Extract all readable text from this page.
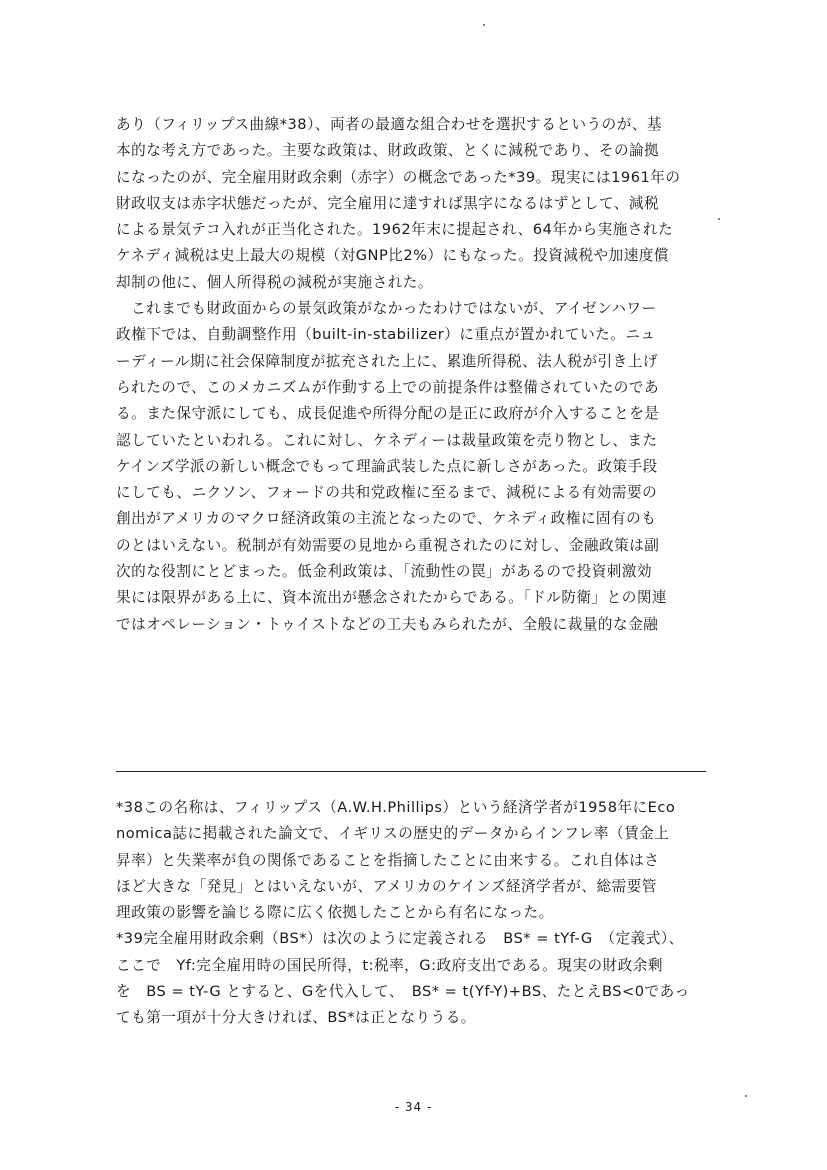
あり（フィリップス曲線*38）、両者の最適な組合わせを選択するというのが、基
本的な考え方であった。主要な政策は、財政政策、とくに減税であり、その論拠
になったのが、完全雇用財政余剰（赤字）の概念であった*39。現実には1961年の
財政収支は赤字状態だったが、完全雇用に達すれば黒字になるはずとして、減税
による景気テコ入れが正当化された。1962年末に提起され、64年から実施された
ケネディ減税は史上最大の規模（対GNP比2%）にもなった。投資減税や加速度償
却制の他に、個人所得税の減税が実施された。
　これまでも財政面からの景気政策がなかったわけではないが、アイゼンハワー
政権下では、自動調整作用（built-in-stabilizer）に重点が置かれていた。ニュ
ーディール期に社会保障制度が拡充された上に、累進所得税、法人税が引き上げ
られたので、このメカニズムが作動する上での前提条件は整備されていたのであ
る。また保守派にしても、成長促進や所得分配の是正に政府が介入することを是
認していたといわれる。これに対し、ケネディーは裁量政策を売り物とし、また
ケインズ学派の新しい概念でもって理論武装した点に新しさがあった。政策手段
にしても、ニクソン、フォードの共和党政権に至るまで、減税による有効需要の
創出がアメリカのマクロ経済政策の主流となったので、ケネディ政権に固有のも
のとはいえない。税制が有効需要の見地から重視されたのに対し、金融政策は副
次的な役割にとどまった。低金利政策は、「流動性の罠」があるので投資刺激効
果には限界がある上に、資本流出が懸念されたからである。「ドル防衛」との関連
ではオペレーション・トゥイストなどの工夫もみられたが、全般に裁量的な金融
*38この名称は、フィリップス（A.W.H.Phillips）という経済学者が1958年にEco
nomica誌に掲載された論文で、イギリスの歴史的データからインフレ率（賃金上
昇率）と失業率が負の関係であることを指摘したことに由来する。これ自体はさ
ほど大きな「発見」とはいえないが、アメリカのケインズ経済学者が、総需要管
理政策の影響を論じる際に広く依拠したことから有名になった。
*39完全雇用財政余剰（BS*）は次のように定義される　BS* = tYf-G　（定義式）、
ここで　Yf:完全雇用時の国民所得，t:税率，G:政府支出である。現実の財政余剰
を　BS = tY-G とすると、Gを代入して、　BS* = t(Yf-Y)+BS、たとえBS<0であっ
ても第一項が十分大きければ、BS*は正となりうる。
- 34 -
